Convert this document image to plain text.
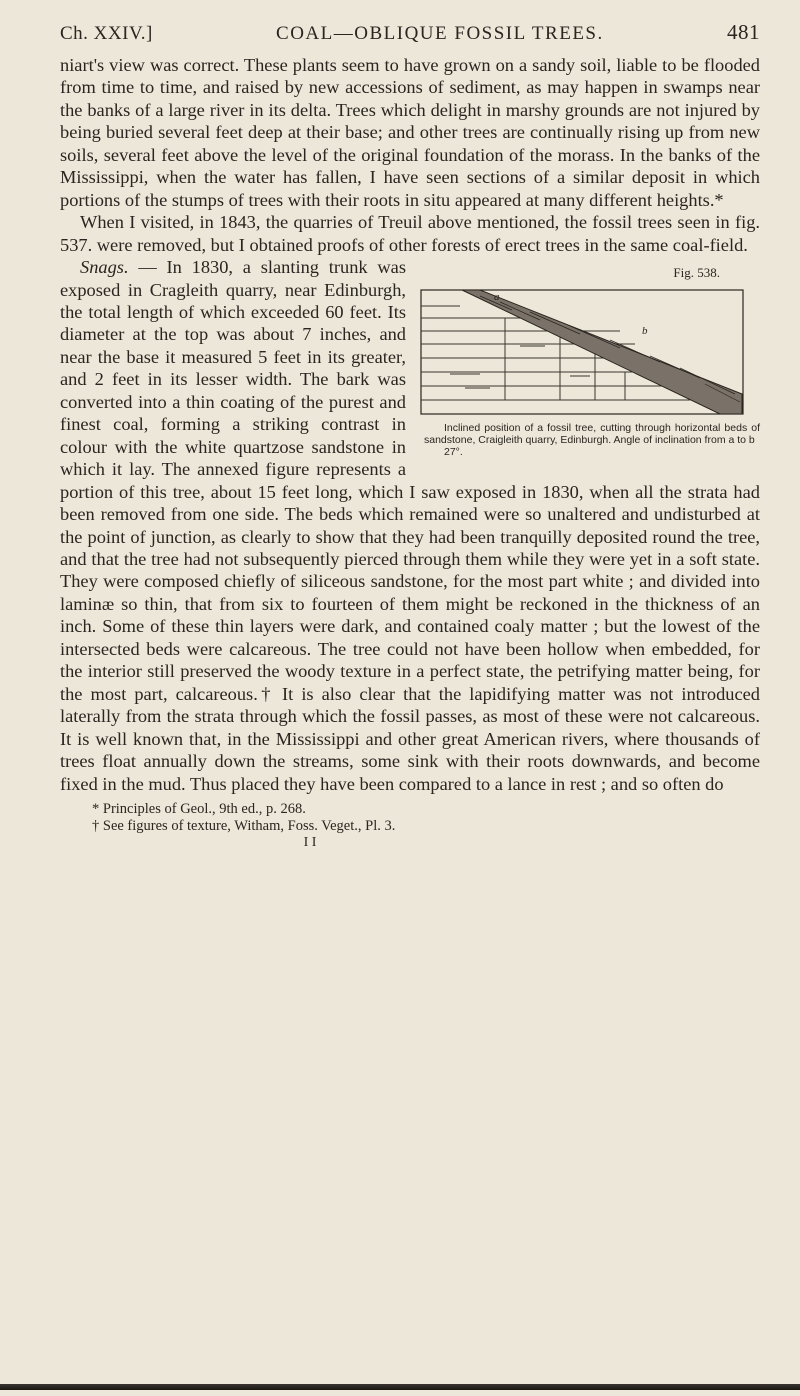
Ch. XXIV.]	COAL—OBLIQUE FOSSIL TREES.	481

niart's view was correct. These plants seem to have grown on a sandy soil, liable to be flooded from time to time, and raised by new accessions of sediment, as may happen in swamps near the banks of a large river in its delta. Trees which delight in marshy grounds are not injured by being buried several feet deep at their base; and other trees are continually rising up from new soils, several feet above the level of the original foundation of the morass. In the banks of the Mississippi, when the water has fallen, I have seen sections of a similar deposit in which portions of the stumps of trees with their roots in situ appeared at many different heights.*

When I visited, in 1843, the quarries of Treuil above mentioned, the fossil trees seen in fig. 537. were removed, but I obtained proofs of other forests of erect trees in the same coal-field.

Fig. 538.
a
b
Inclined position of a fossil tree, cutting through horizontal beds of sandstone, Craigleith quarry, Edinburgh. Angle of inclination from a to b
27°.
Snags. — In 1830, a slanting trunk was exposed in Cragleith quarry, near Edinburgh, the total length of which exceeded 60 feet. Its diameter at the top was about 7 inches, and near the base it measured 5 feet in its greater, and 2 feet in its lesser width. The bark was converted into a thin coating of the purest and finest coal, forming a striking contrast in colour with the white quartzose sandstone in which it lay. The annexed figure represents a portion of this tree, about 15 feet long, which I saw exposed in 1830, when all the strata had been removed from one side. The beds which remained were so unaltered and undisturbed at the point of junction, as clearly to show that they had been tranquilly deposited round the tree, and that the tree had not subsequently pierced through them while they were yet in a soft state. They were composed chiefly of siliceous sandstone, for the most part white ; and divided into laminæ so thin, that from six to fourteen of them might be reckoned in the thickness of an inch. Some of these thin layers were dark, and contained coaly matter ; but the lowest of the intersected beds were calcareous. The tree could not have been hollow when embedded, for the interior still preserved the woody texture in a perfect state, the petrifying matter being, for the most part, calcareous.† It is also clear that the lapidifying matter was not introduced laterally from the strata through which the fossil passes, as most of these were not calcareous. It is well known that, in the Mississippi and other great American rivers, where thousands of trees float annually down the streams, some sink with their roots downwards, and become fixed in the mud. Thus placed they have been compared to a lance in rest ; and so often do

* Principles of Geol., 9th ed., p. 268.
† See figures of texture, Witham, Foss. Veget., Pl. 3.
I I
